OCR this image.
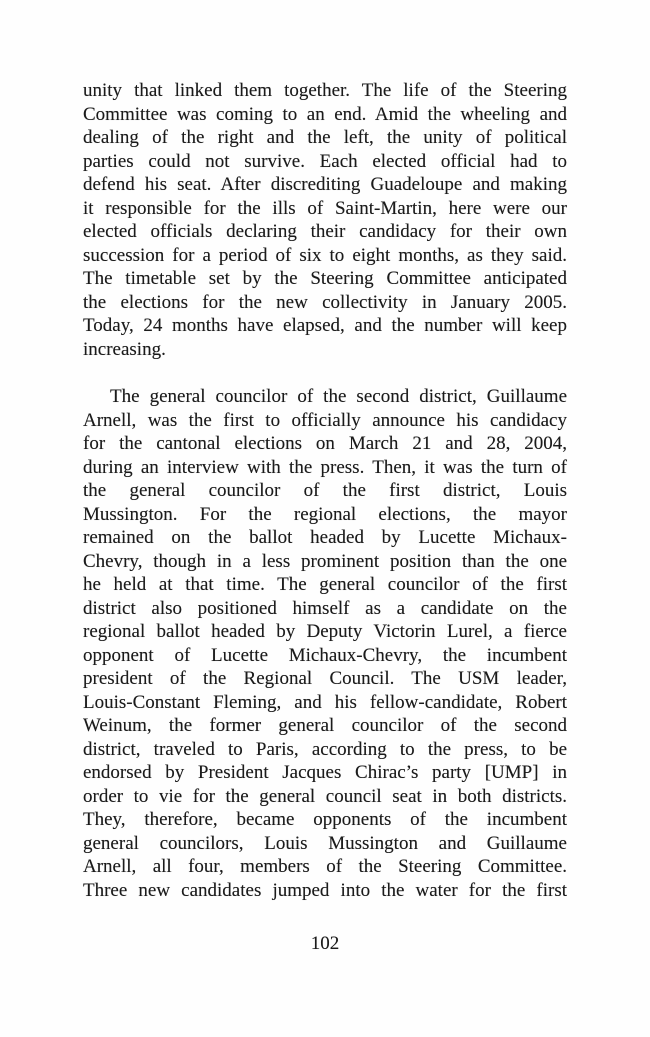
unity that linked them together. The life of the Steering
Committee was coming to an end. Amid the wheeling and
dealing of the right and the left, the unity of political
parties could not survive. Each elected official had to
defend his seat. After discrediting Guadeloupe and making
it responsible for the ills of Saint-Martin, here were our
elected officials declaring their candidacy for their own
succession for a period of six to eight months, as they said.
The timetable set by the Steering Committee anticipated
the elections for the new collectivity in January 2005.
Today, 24 months have elapsed, and the number will keep
increasing.
The general councilor of the second district, Guillaume
Arnell, was the first to officially announce his candidacy
for the cantonal elections on March 21 and 28, 2004,
during an interview with the press. Then, it was the turn of
the general councilor of the first district, Louis
Mussington. For the regional elections, the mayor
remained on the ballot headed by Lucette Michaux-
Chevry, though in a less prominent position than the one
he held at that time. The general councilor of the first
district also positioned himself as a candidate on the
regional ballot headed by Deputy Victorin Lurel, a fierce
opponent of Lucette Michaux-Chevry, the incumbent
president of the Regional Council. The USM leader,
Louis-Constant Fleming, and his fellow-candidate, Robert
Weinum, the former general councilor of the second
district, traveled to Paris, according to the press, to be
endorsed by President Jacques Chirac’s party [UMP] in
order to vie for the general council seat in both districts.
They, therefore, became opponents of the incumbent
general councilors, Louis Mussington and Guillaume
Arnell, all four, members of the Steering Committee.
Three new candidates jumped into the water for the first
102
